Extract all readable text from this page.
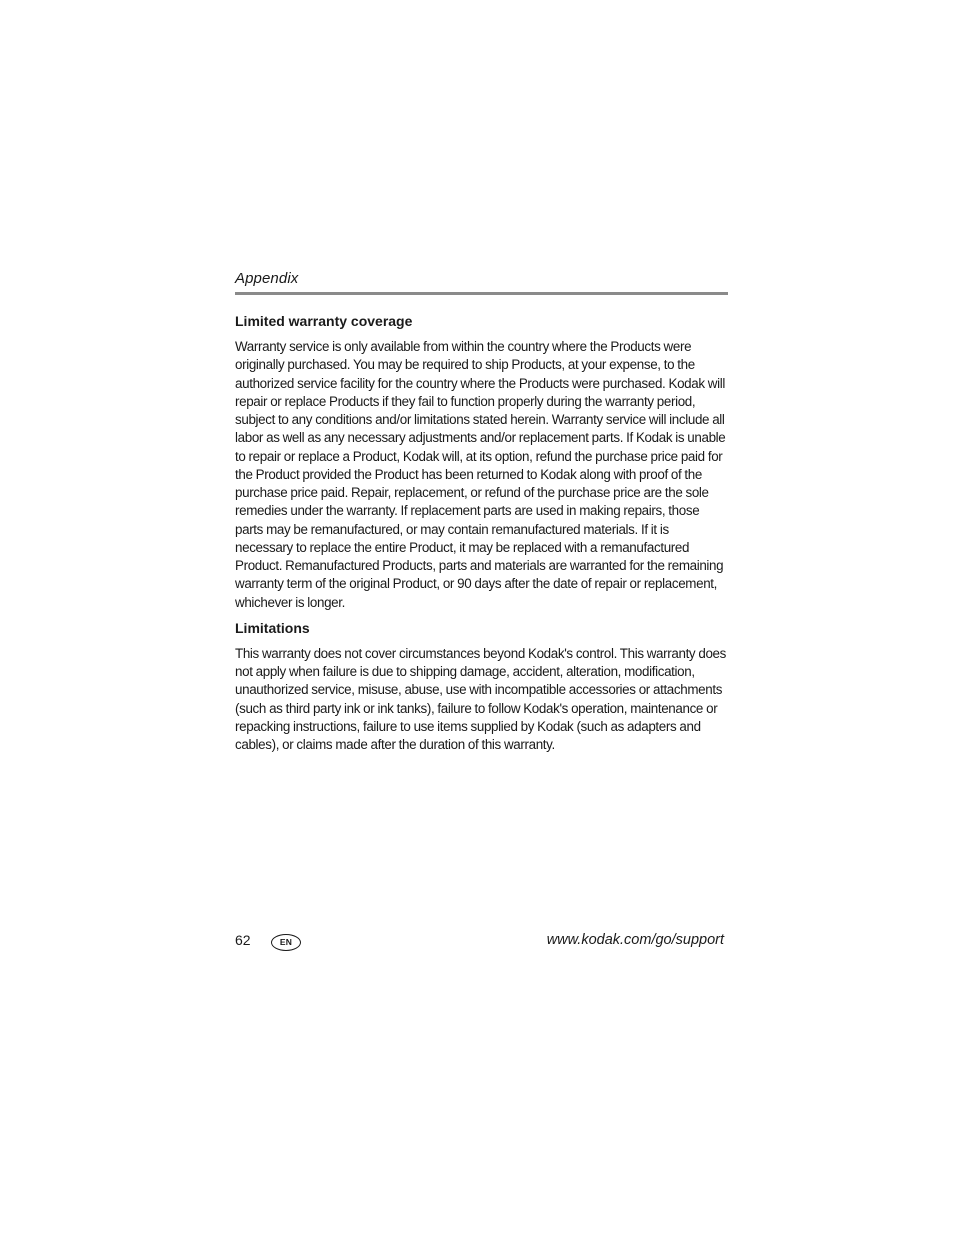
Appendix
Limited warranty coverage

Warranty service is only available from within the country where the Products were originally purchased. You may be required to ship Products, at your expense, to the authorized service facility for the country where the Products were purchased. Kodak will repair or replace Products if they fail to function properly during the warranty period, subject to any conditions and/or limitations stated herein. Warranty service will include all labor as well as any necessary adjustments and/or replacement parts. If Kodak is unable to repair or replace a Product, Kodak will, at its option, refund the purchase price paid for the Product provided the Product has been returned to Kodak along with proof of the purchase price paid. Repair, replacement, or refund of the purchase price are the sole remedies under the warranty. If replacement parts are used in making repairs, those parts may be remanufactured, or may contain remanufactured materials. If it is necessary to replace the entire Product, it may be replaced with a remanufactured Product. Remanufactured Products, parts and materials are warranted for the remaining warranty term of the original Product, or 90 days after the date of repair or replacement, whichever is longer.

Limitations

This warranty does not cover circumstances beyond Kodak's control. This warranty does not apply when failure is due to shipping damage, accident, alteration, modification, unauthorized service, misuse, abuse, use with incompatible accessories or attachments (such as third party ink or ink tanks), failure to follow Kodak's operation, maintenance or repacking instructions, failure to use items supplied by Kodak (such as adapters and cables), or claims made after the duration of this warranty.

62	EN	www.kodak.com/go/support
